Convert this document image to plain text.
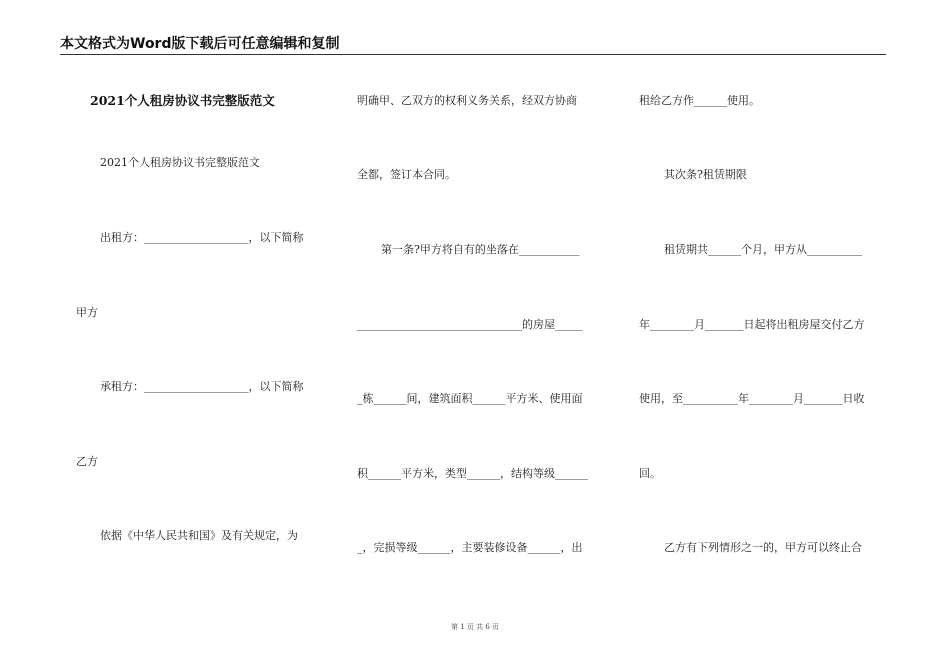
本文格式为Word版下载后可任意编辑和复制
2021个人租房协议书完整版范文
2021个人租房协议书完整版范文
出租方：___________________，以下简称
甲方
承租方：___________________，以下简称
乙方
依据《中华人民共和国》及有关规定，为
明确甲、乙双方的权利义务关系，经双方协商
全都，签订本合同。
第一条?甲方将自有的坐落在___________
______________________________的房屋_____
_栋______间，建筑面积______平方米、使用面
积______平方米，类型______，结构等级______
_，完损等级______，主要装修设备______，出
租给乙方作______使用。
其次条?租赁期限
租赁期共______个月，甲方从__________
年________月_______日起将出租房屋交付乙方
使用，至__________年________月_______日收
回。
乙方有下列情形之一的，甲方可以终止合
第 1 页 共 6 页
